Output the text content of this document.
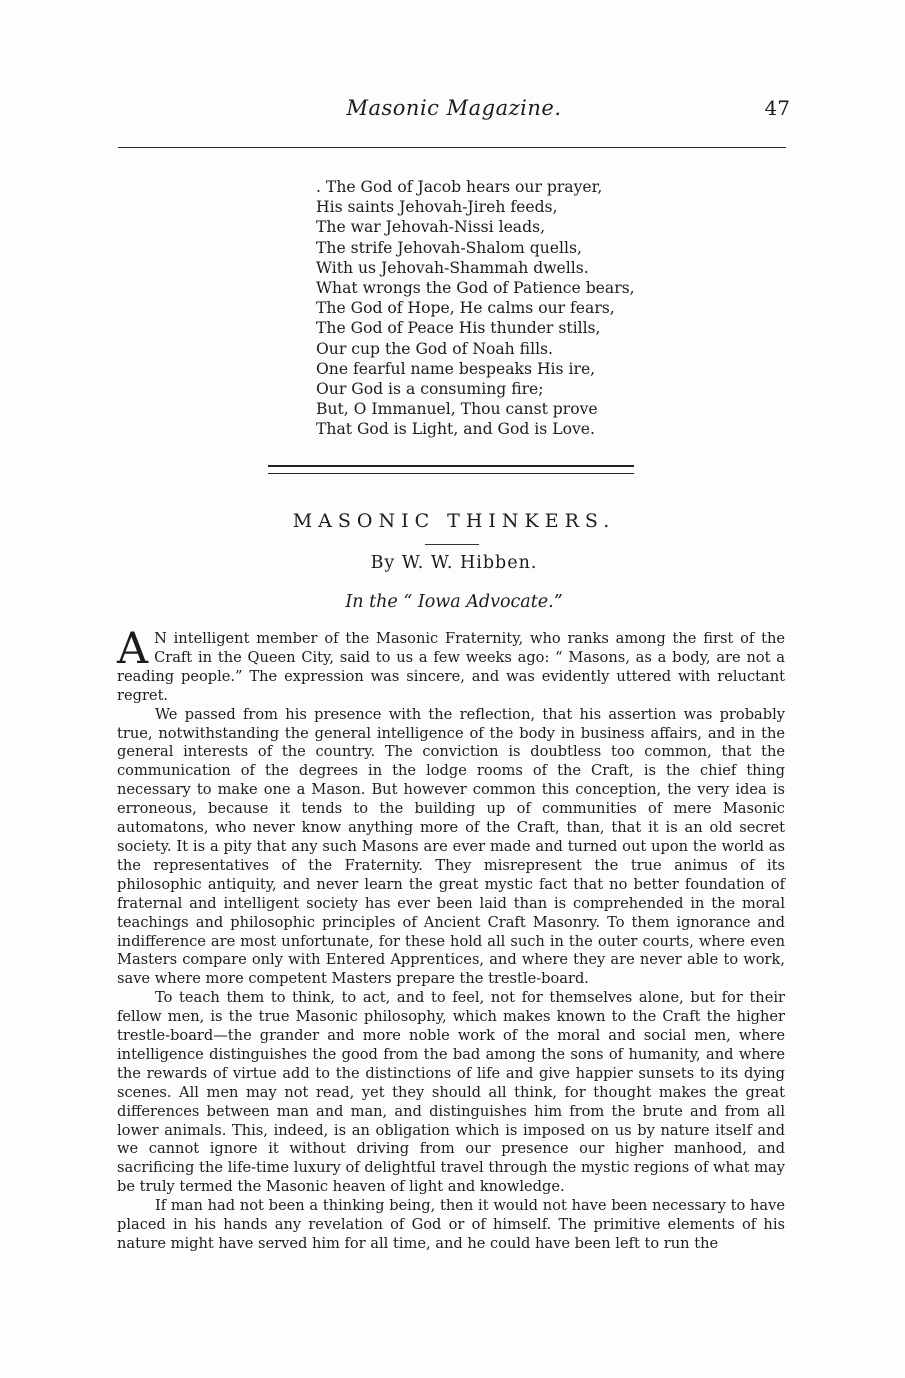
Masonic Magazine.	47
. The God of Jacob hears our prayer,
His saints Jehovah-Jireh feeds,
The war Jehovah-Nissi leads,
The strife Jehovah-Shalom quells,
With us Jehovah-Shammah dwells.
What wrongs the God of Patience bears,
The God of Hope, He calms our fears,
The God of Peace His thunder stills,
Our cup the God of Noah fills.
One fearful name bespeaks His ire,
Our God is a consuming fire;
But, O Immanuel, Thou canst prove
That God is Light, and God is Love.
MASONIC THINKERS.
By W. W. Hibben.
In the “ Iowa Advocate.”

A N intelligent member of the Masonic Fraternity, who ranks among the first of the Craft in the Queen City, said to us a few weeks ago: “ Masons, as a body, are not a reading people.” The expression was sincere, and was evidently uttered with reluctant regret.

We passed from his presence with the reflection, that his assertion was probably true, notwithstanding the general intelligence of the body in business affairs, and in the general interests of the country. The conviction is doubtless too common, that the communication of the degrees in the lodge rooms of the Craft, is the chief thing necessary to make one a Mason. But however common this conception, the very idea is erroneous, because it tends to the building up of communities of mere Masonic automatons, who never know anything more of the Craft, than, that it is an old secret society. It is a pity that any such Masons are ever made and turned out upon the world as the representatives of the Fraternity. They misrepresent the true animus of its philosophic antiquity, and never learn the great mystic fact that no better foundation of fraternal and intelligent society has ever been laid than is comprehended in the moral teachings and philosophic principles of Ancient Craft Masonry. To them ignorance and indifference are most unfortunate, for these hold all such in the outer courts, where even Masters compare only with Entered Apprentices, and where they are never able to work, save where more competent Masters prepare the trestle-board.

To teach them to think, to act, and to feel, not for themselves alone, but for their fellow men, is the true Masonic philosophy, which makes known to the Craft the higher trestle-board—the grander and more noble work of the moral and social men, where intelligence distinguishes the good from the bad among the sons of humanity, and where the rewards of virtue add to the distinctions of life and give happier sunsets to its dying scenes. All men may not read, yet they should all think, for thought makes the great differences between man and man, and distinguishes him from the brute and from all lower animals. This, indeed, is an obligation which is imposed on us by nature itself and we cannot ignore it without driving from our presence our higher manhood, and sacrificing the life-time luxury of delightful travel through the mystic regions of what may be truly termed the Masonic heaven of light and knowledge.

If man had not been a thinking being, then it would not have been necessary to have placed in his hands any revelation of God or of himself. The primitive elements of his nature might have served him for all time, and he could have been left to run the
